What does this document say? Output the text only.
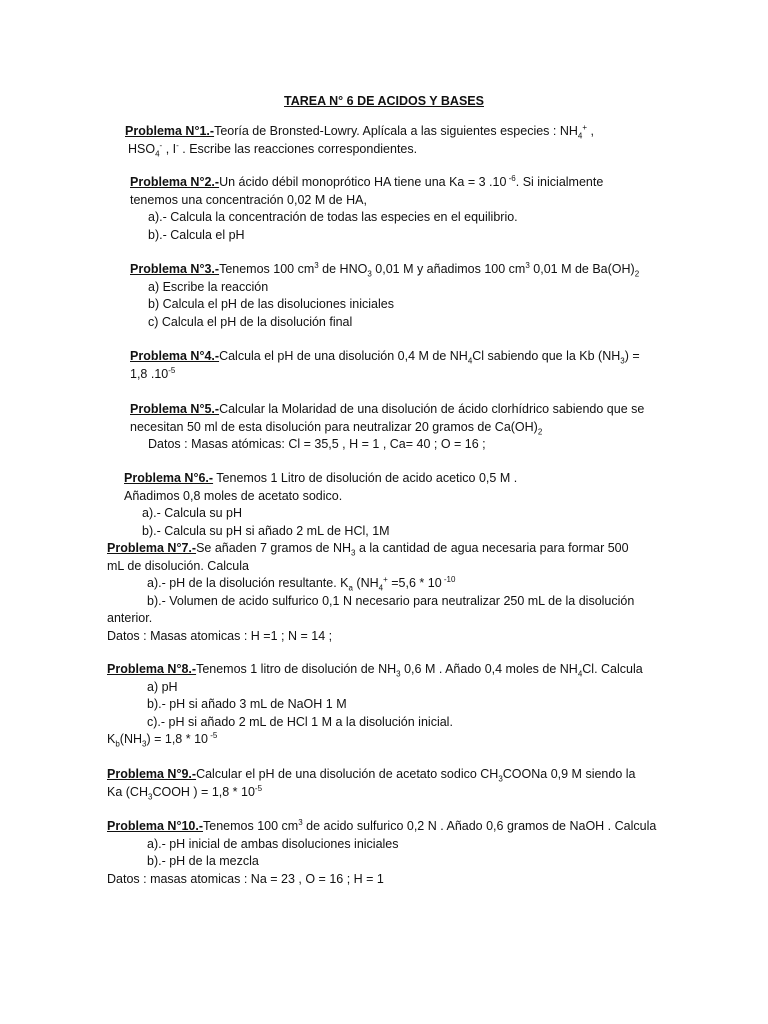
TAREA N° 6 DE ACIDOS Y BASES
Problema N°1.-Teoría de Bronsted-Lowry. Aplícala a las siguientes especies : $NH_4^+$ ,
$HSO_4^-$ , I- . Escribe las reacciones correspondientes.
Problema N°2.-Un ácido débil monoprótico HA tiene una Ka = 3 .10 $^{-6}$. Si inicialmente
tenemos una concentración 0,02 M de HA,
a).- Calcula la concentración de todas las especies en el equilibrio.
b).- Calcula el pH
Problema N°3.-Tenemos 100 $cm^3$ de $HNO_3$ 0,01 M y añadimos 100 $cm^3$ 0,01 M de $Ba(OH)_2$
a) Escribe la reacción
b) Calcula el pH de las disoluciones iniciales
c) Calcula el pH de la disolución final
Problema N°4.-Calcula el pH de una disolución 0,4 M de $NH_4Cl$ sabiendo que la Kb $(NH_3)$ =
1,8 $.10^{-5}$
Problema N°5.-Calcular la Molaridad de una disolución de ácido clorhídrico sabiendo que se
necesitan 50 ml de esta disolución para neutralizar 20 gramos de $Ca(OH)_2$
Datos : Masas atómicas: Cl = 35,5 , H = 1 , Ca= 40 ; O = 16 ;
Problema N°6.- Tenemos 1 Litro de disolución de acido acetico 0,5 M .
Añadimos 0,8 moles de acetato sodico.
a).- Calcula su pH
b).- Calcula su pH si añado 2 mL de HCl, 1M
Problema N°7.-Se añaden 7 gramos de $NH_3$ a la cantidad de agua necesaria para formar 500
mL de disolución. Calcula
a).- pH de la disolución resultante. $K_a$ ($NH_4^+ =5,6 * 10$ $^{-10}$
b).- Volumen de acido sulfurico 0,1 N necesario para neutralizar 250 mL de la disolución
anterior.
Datos : Masas atomicas : H =1 ; N = 14 ;
Problema N°8.-Tenemos 1 litro de disolución de $NH_3$ 0,6 M . Añado 0,4 moles de $NH_4Cl$. Calcula
a) pH
b).- pH si añado 3 mL de NaOH 1 M
c).- pH si añado 2 mL de HCl 1 M a la disolución inicial.
$K_b(NH_3) = 1,8 * 10$ $^{-5}$
Problema N°9.-Calcular el pH de una disolución de acetato sodico $CH_3COONa$ 0,9 M siendo la
Ka ($CH_3COOH$ ) = $1,8 * 10^{-5}$
Problema N°10.-Tenemos 100 $cm^3$ de acido sulfurico 0,2 N . Añado 0,6 gramos de NaOH . Calcula
a).- pH inicial de ambas disoluciones iniciales
b).- pH de la mezcla
Datos : masas atomicas : Na = 23 , O = 16 ; H = 1
